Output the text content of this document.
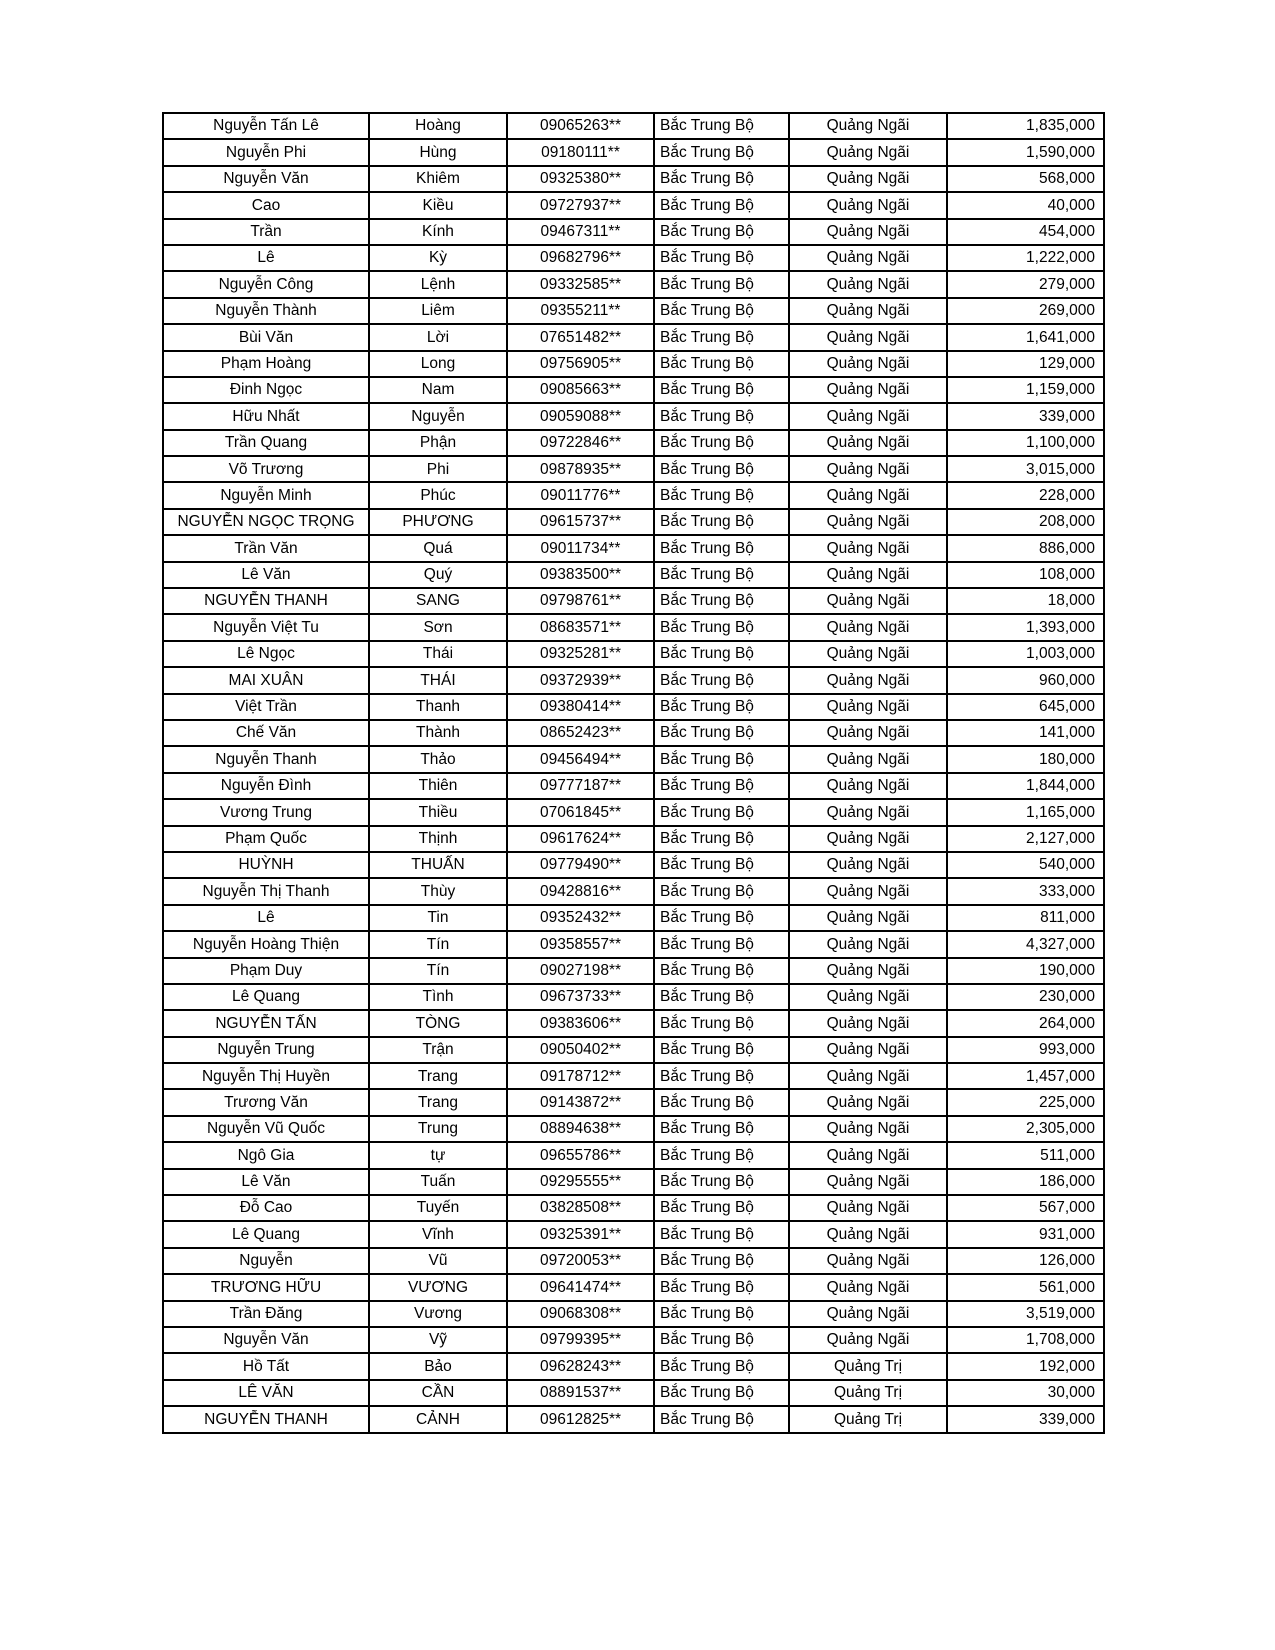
Nguyễn Tấn Lê	Hoàng	09065263**	Bắc Trung Bộ	Quảng Ngãi	1,835,000
Nguyễn Phi	Hùng	09180111**	Bắc Trung Bộ	Quảng Ngãi	1,590,000
Nguyễn Văn	Khiêm	09325380**	Bắc Trung Bộ	Quảng Ngãi	568,000
Cao	Kiều	09727937**	Bắc Trung Bộ	Quảng Ngãi	40,000
Trần	Kính	09467311**	Bắc Trung Bộ	Quảng Ngãi	454,000
Lê	Kỳ	09682796**	Bắc Trung Bộ	Quảng Ngãi	1,222,000
Nguyễn Công	Lệnh	09332585**	Bắc Trung Bộ	Quảng Ngãi	279,000
Nguyễn Thành	Liêm	09355211**	Bắc Trung Bộ	Quảng Ngãi	269,000
Bùi Văn	Lời	07651482**	Bắc Trung Bộ	Quảng Ngãi	1,641,000
Phạm Hoàng	Long	09756905**	Bắc Trung Bộ	Quảng Ngãi	129,000
Đinh Ngọc	Nam	09085663**	Bắc Trung Bộ	Quảng Ngãi	1,159,000
Hữu Nhất	Nguyễn	09059088**	Bắc Trung Bộ	Quảng Ngãi	339,000
Trần Quang	Phận	09722846**	Bắc Trung Bộ	Quảng Ngãi	1,100,000
Võ Trương	Phi	09878935**	Bắc Trung Bộ	Quảng Ngãi	3,015,000
Nguyễn Minh	Phúc	09011776**	Bắc Trung Bộ	Quảng Ngãi	228,000
NGUYỄN NGỌC TRỌNG	PHƯƠNG	09615737**	Bắc Trung Bộ	Quảng Ngãi	208,000
Trần Văn	Quá	09011734**	Bắc Trung Bộ	Quảng Ngãi	886,000
Lê Văn	Quý	09383500**	Bắc Trung Bộ	Quảng Ngãi	108,000
NGUYỄN THANH	SANG	09798761**	Bắc Trung Bộ	Quảng Ngãi	18,000
Nguyễn Việt Tu	Sơn	08683571**	Bắc Trung Bộ	Quảng Ngãi	1,393,000
Lê Ngọc	Thái	09325281**	Bắc Trung Bộ	Quảng Ngãi	1,003,000
MAI XUÂN	THÁI	09372939**	Bắc Trung Bộ	Quảng Ngãi	960,000
Việt Trần	Thanh	09380414**	Bắc Trung Bộ	Quảng Ngãi	645,000
Chế Văn	Thành	08652423**	Bắc Trung Bộ	Quảng Ngãi	141,000
Nguyễn Thanh	Thảo	09456494**	Bắc Trung Bộ	Quảng Ngãi	180,000
Nguyễn Đình	Thiên	09777187**	Bắc Trung Bộ	Quảng Ngãi	1,844,000
Vương Trung	Thiều	07061845**	Bắc Trung Bộ	Quảng Ngãi	1,165,000
Phạm Quốc	Thịnh	09617624**	Bắc Trung Bộ	Quảng Ngãi	2,127,000
HUỲNH	THUẤN	09779490**	Bắc Trung Bộ	Quảng Ngãi	540,000
Nguyễn Thị Thanh	Thùy	09428816**	Bắc Trung Bộ	Quảng Ngãi	333,000
Lê	Tin	09352432**	Bắc Trung Bộ	Quảng Ngãi	811,000
Nguyễn Hoàng Thiện	Tín	09358557**	Bắc Trung Bộ	Quảng Ngãi	4,327,000
Phạm Duy	Tín	09027198**	Bắc Trung Bộ	Quảng Ngãi	190,000
Lê Quang	Tình	09673733**	Bắc Trung Bộ	Quảng Ngãi	230,000
NGUYỄN TẤN	TÒNG	09383606**	Bắc Trung Bộ	Quảng Ngãi	264,000
Nguyễn Trung	Trận	09050402**	Bắc Trung Bộ	Quảng Ngãi	993,000
Nguyễn Thị Huyền	Trang	09178712**	Bắc Trung Bộ	Quảng Ngãi	1,457,000
Trương Văn	Trang	09143872**	Bắc Trung Bộ	Quảng Ngãi	225,000
Nguyễn Vũ Quốc	Trung	08894638**	Bắc Trung Bộ	Quảng Ngãi	2,305,000
Ngô Gia	tự	09655786**	Bắc Trung Bộ	Quảng Ngãi	511,000
Lê Văn	Tuấn	09295555**	Bắc Trung Bộ	Quảng Ngãi	186,000
Đỗ Cao	Tuyến	03828508**	Bắc Trung Bộ	Quảng Ngãi	567,000
Lê Quang	Vĩnh	09325391**	Bắc Trung Bộ	Quảng Ngãi	931,000
Nguyễn	Vũ	09720053**	Bắc Trung Bộ	Quảng Ngãi	126,000
TRƯƠNG HỮU	VƯƠNG	09641474**	Bắc Trung Bộ	Quảng Ngãi	561,000
Trần Đăng	Vương	09068308**	Bắc Trung Bộ	Quảng Ngãi	3,519,000
Nguyễn Văn	Vỹ	09799395**	Bắc Trung Bộ	Quảng Ngãi	1,708,000
Hồ Tất	Bảo	09628243**	Bắc Trung Bộ	Quảng Trị	192,000
LÊ VĂN	CẦN	08891537**	Bắc Trung Bộ	Quảng Trị	30,000
NGUYỄN THANH	CẢNH	09612825**	Bắc Trung Bộ	Quảng Trị	339,000
